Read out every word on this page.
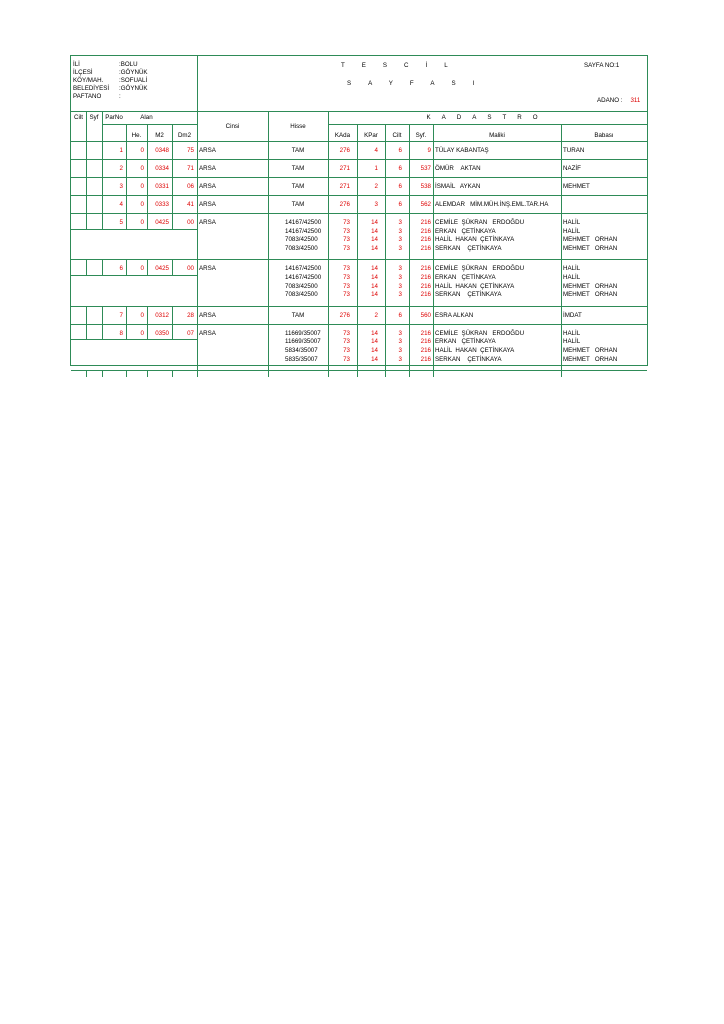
İLİ	:BOLU
İLÇESİ	:GÖYNÜK
KÖY/MAH.	:SOFUALİ
BELEDİYESİ :GÖYNÜK
PAFTANO	:
TESCİL
SAYFASI
SAYFA NO:1
ADANO : 311
Cilt	Syf	ParNo	Alan
He.	M2	Dm2
Cinsi	Hisse
KADASTRO
KAda	KPar	Cilt	Syf.	Maliki	Babası
1	0	0348	75 ARSA	TAM	276	4	6	9 TÜLAY KABANTAŞ	TURAN
2	0	0334	71 ARSA	TAM	271	1	6	537 ÖMÜR    AKTAN	NAZİF
3	0	0331	06 ARSA	TAM	271	2	6	538 İSMAİL   AYKAN	MEHMET
4	0	0333	41 ARSA	TAM	276	3	6	562 ALEMDAR   MİM.MÜH.İNŞ.EML.TAR.HA
5	0	0425	00 ARSA	14167/42500	73	14	3	216 CEMİLE  ŞÜKRAN   ERDOĞDU	HALİL
14167/42500	73	14	3	216 ERKAN   ÇETİNKAYA	HALİL
7083/42500	73	14	3	216 HALİL  HAKAN  ÇETİNKAYA	MEHMET   ORHAN
7083/42500	73	14	3	216 SERKAN    ÇETİNKAYA	MEHMET   ORHAN
6	0	0425	00 ARSA	14167/42500	73	14	3	216 CEMİLE  ŞÜKRAN   ERDOĞDU	HALİL
14167/42500	73	14	3	216 ERKAN   ÇETİNKAYA	HALİL
7083/42500	73	14	3	216 HALİL  HAKAN  ÇETİNKAYA	MEHMET   ORHAN
7083/42500	73	14	3	216 SERKAN    ÇETİNKAYA	MEHMET   ORHAN
7	0	0312	28 ARSA	TAM	276	2	6	560 ESRA ALKAN	İMDAT
8	0	0350	07 ARSA	11669/35007	73	14	3	216 CEMİLE  ŞÜKRAN   ERDOĞDU	HALİL
11669/35007	73	14	3	216 ERKAN   ÇETİNKAYA	HALİL
5834/35007	73	14	3	216 HALİL  HAKAN  ÇETİNKAYA	MEHMET   ORHAN
5835/35007	73	14	3	216 SERKAN    ÇETİNKAYA	MEHMET   ORHAN
